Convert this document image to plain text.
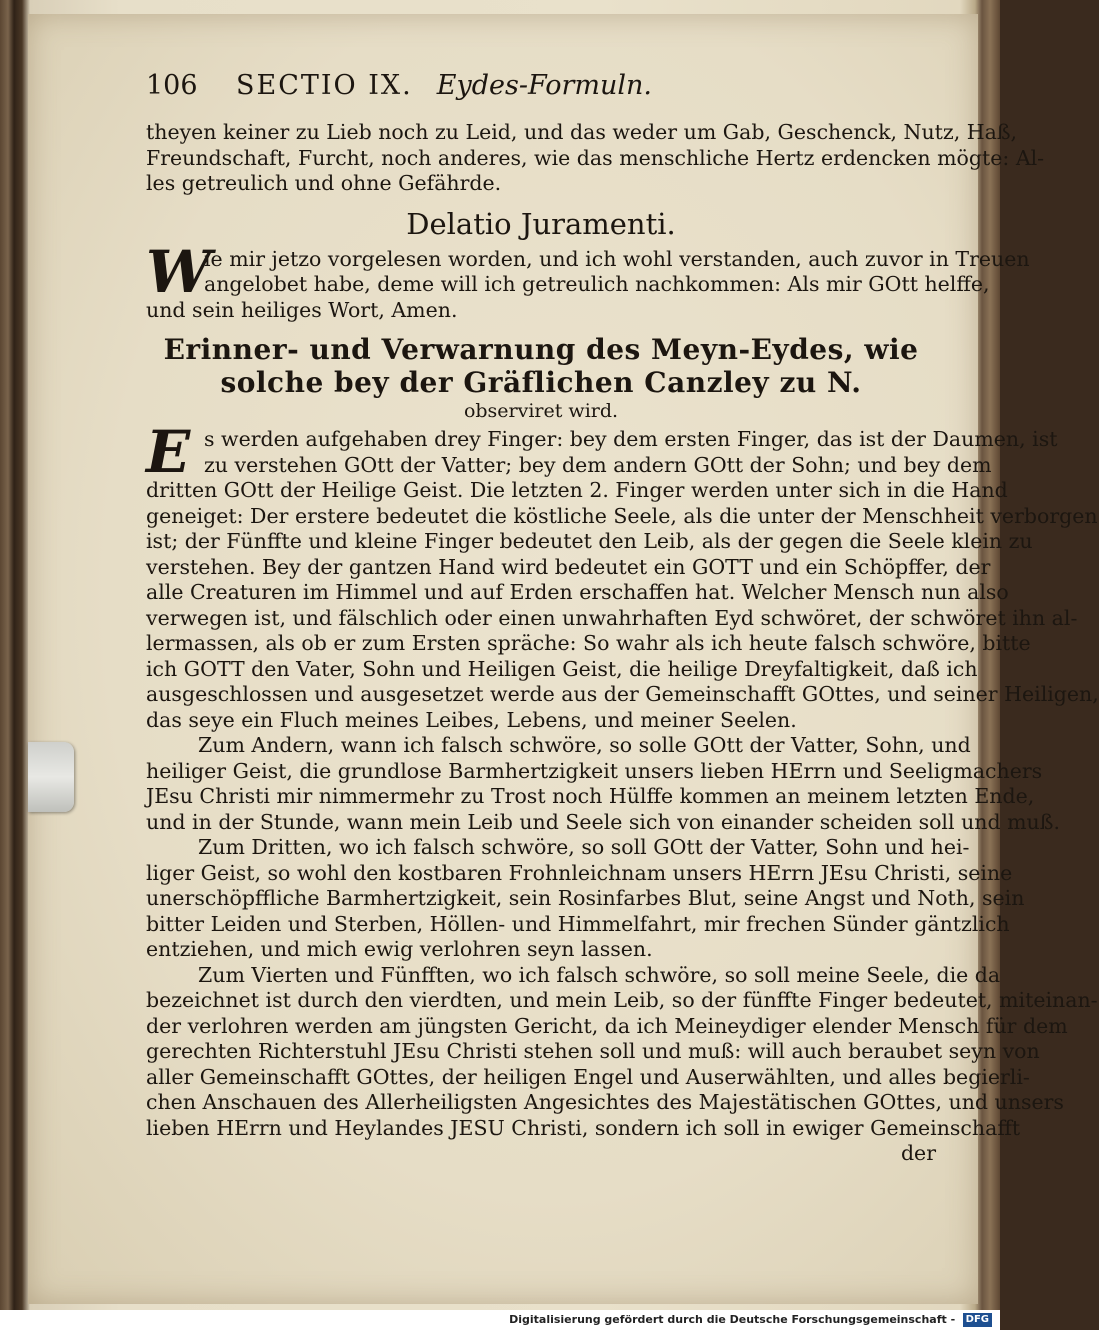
106	SECTIO IX. Eydes-Formuln.
theyen keiner zu Lieb noch zu Leid, und das weder um Gab, Geschenck, Nutz, Haß,
Freundschaft, Furcht, noch anderes, wie das menschliche Hertz erdencken mögte: Al-
les getreulich und ohne Gefährde.
Delatio Juramenti.
W
ie mir jetzo vorgelesen worden, und ich wohl verstanden, auch zuvor in Treuen
angelobet habe, deme will ich getreulich nachkommen: Als mir GOtt helffe,
und sein heiliges Wort, Amen.
Erinner- und Verwarnung des Meyn-Eydes, wie
solche bey der Gräflichen Canzley zu N.
observiret wird.
E s werden aufgehaben drey Finger: bey dem ersten Finger, das ist der Daumen, ist
zu verstehen GOtt der Vatter; bey dem andern GOtt der Sohn; und bey dem
dritten GOtt der Heilige Geist. Die letzten 2. Finger werden unter sich in die Hand
geneiget: Der erstere bedeutet die köstliche Seele, als die unter der Menschheit verborgen
ist; der Fünffte und kleine Finger bedeutet den Leib, als der gegen die Seele klein zu
verstehen. Bey der gantzen Hand wird bedeutet ein GOTT und ein Schöpffer, der
alle Creaturen im Himmel und auf Erden erschaffen hat. Welcher Mensch nun also
verwegen ist, und fälschlich oder einen unwahrhaften Eyd schwöret, der schwöret ihn al-
lermassen, als ob er zum Ersten spräche: So wahr als ich heute falsch schwöre, bitte
ich GOTT den Vater, Sohn und Heiligen Geist, die heilige Dreyfaltigkeit, daß ich
ausgeschlossen und ausgesetzet werde aus der Gemeinschafft GOttes, und seiner Heiligen,
das seye ein Fluch meines Leibes, Lebens, und meiner Seelen.
Zum Andern, wann ich falsch schwöre, so solle GOtt der Vatter, Sohn, und
heiliger Geist, die grundlose Barmhertzigkeit unsers lieben HErrn und Seeligmachers
JEsu Christi mir nimmermehr zu Trost noch Hülffe kommen an meinem letzten Ende,
und in der Stunde, wann mein Leib und Seele sich von einander scheiden soll und muß.
Zum Dritten, wo ich falsch schwöre, so soll GOtt der Vatter, Sohn und hei-
liger Geist, so wohl den kostbaren Frohnleichnam unsers HErrn JEsu Christi, seine
unerschöpffliche Barmhertzigkeit, sein Rosinfarbes Blut, seine Angst und Noth, sein
bitter Leiden und Sterben, Höllen- und Himmelfahrt, mir frechen Sünder gäntzlich
entziehen, und mich ewig verlohren seyn lassen.
Zum Vierten und Fünfften, wo ich falsch schwöre, so soll meine Seele, die da
bezeichnet ist durch den vierdten, und mein Leib, so der fünffte Finger bedeutet, miteinan-
der verlohren werden am jüngsten Gericht, da ich Meineydiger elender Mensch für dem
gerechten Richterstuhl JEsu Christi stehen soll und muß: will auch beraubet seyn von
aller Gemeinschafft GOttes, der heiligen Engel und Auserwählten, und alles begierli-
chen Anschauen des Allerheiligsten Angesichtes des Majestätischen GOttes, und unsers
lieben HErrn und Heylandes JESU Christi, sondern ich soll in ewiger Gemeinschafft
der
Digitalisierung gefördert durch die Deutsche Forschungsgemeinschaft - DFG
